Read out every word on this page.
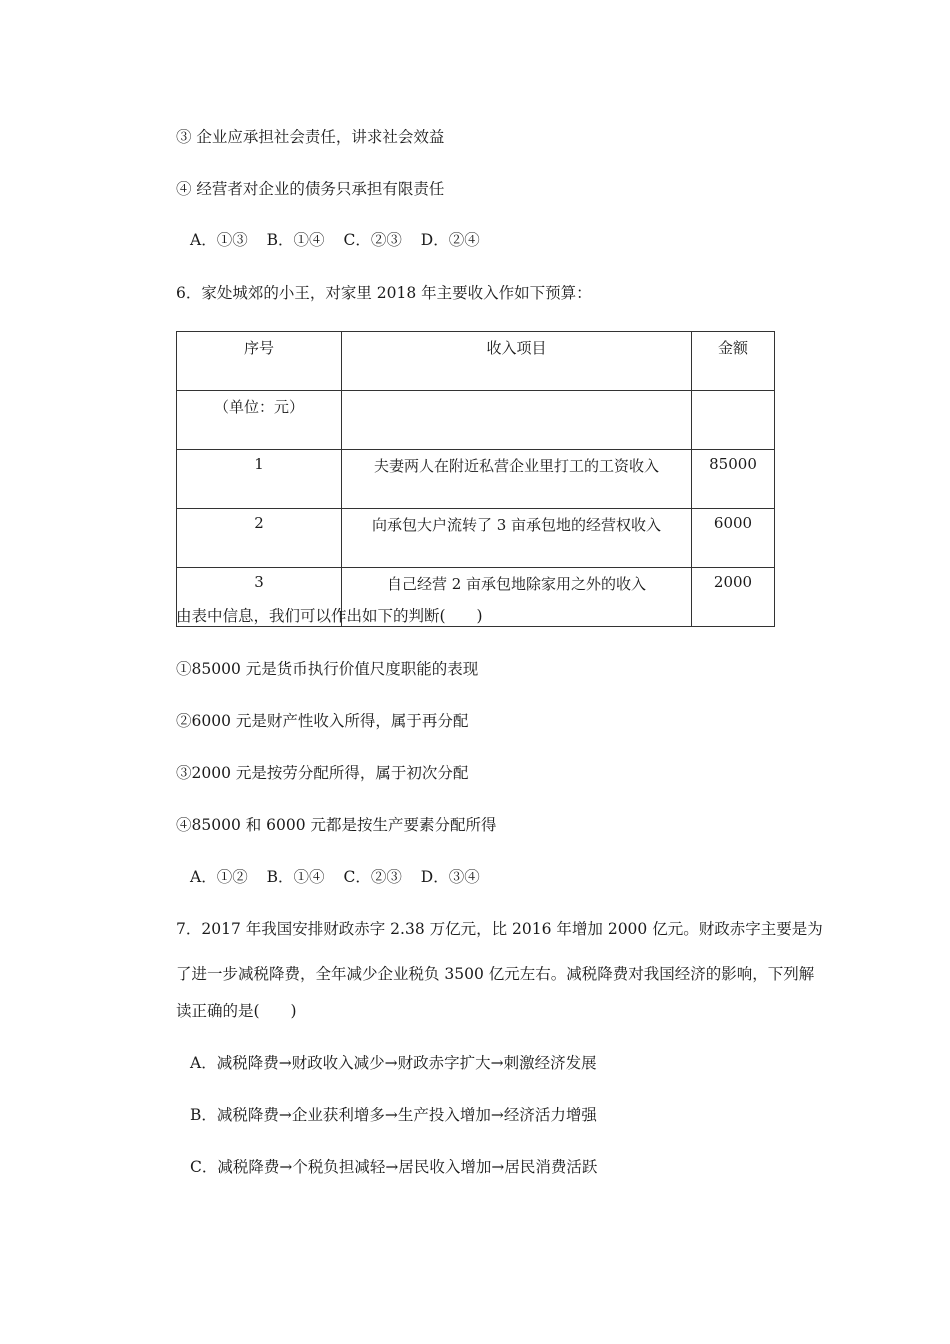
③ 企业应承担社会责任，讲求社会效益
④ 经营者对企业的债务只承担有限责任
A．①③ B．①④ C．②③ D．②④
6．家处城郊的小王，对家里 2018 年主要收入作如下预算：
序号	收入项目	金额
（单位：元）		
1	夫妻两人在附近私营企业里打工的工资收入	85000
2	向承包大户流转了 3 亩承包地的经营权收入	6000
3	自己经营 2 亩承包地除家用之外的收入	2000
由表中信息，我们可以作出如下的判断(　　)
①85000 元是货币执行价值尺度职能的表现
②6000 元是财产性收入所得，属于再分配
③2000 元是按劳分配所得，属于初次分配
④85000 和 6000 元都是按生产要素分配所得
A．①② B．①④ C．②③ D．③④
7．2017 年我国安排财政赤字 2.38 万亿元，比 2016 年增加 2000 亿元。财政赤字主要是为
了进一步减税降费，全年减少企业税负 3500 亿元左右。减税降费对我国经济的影响，下列解
读正确的是(　　)
A．减税降费→财政收入减少→财政赤字扩大→刺激经济发展
B．减税降费→企业获利增多→生产投入增加→经济活力增强
C．减税降费→个税负担减轻→居民收入增加→居民消费活跃
